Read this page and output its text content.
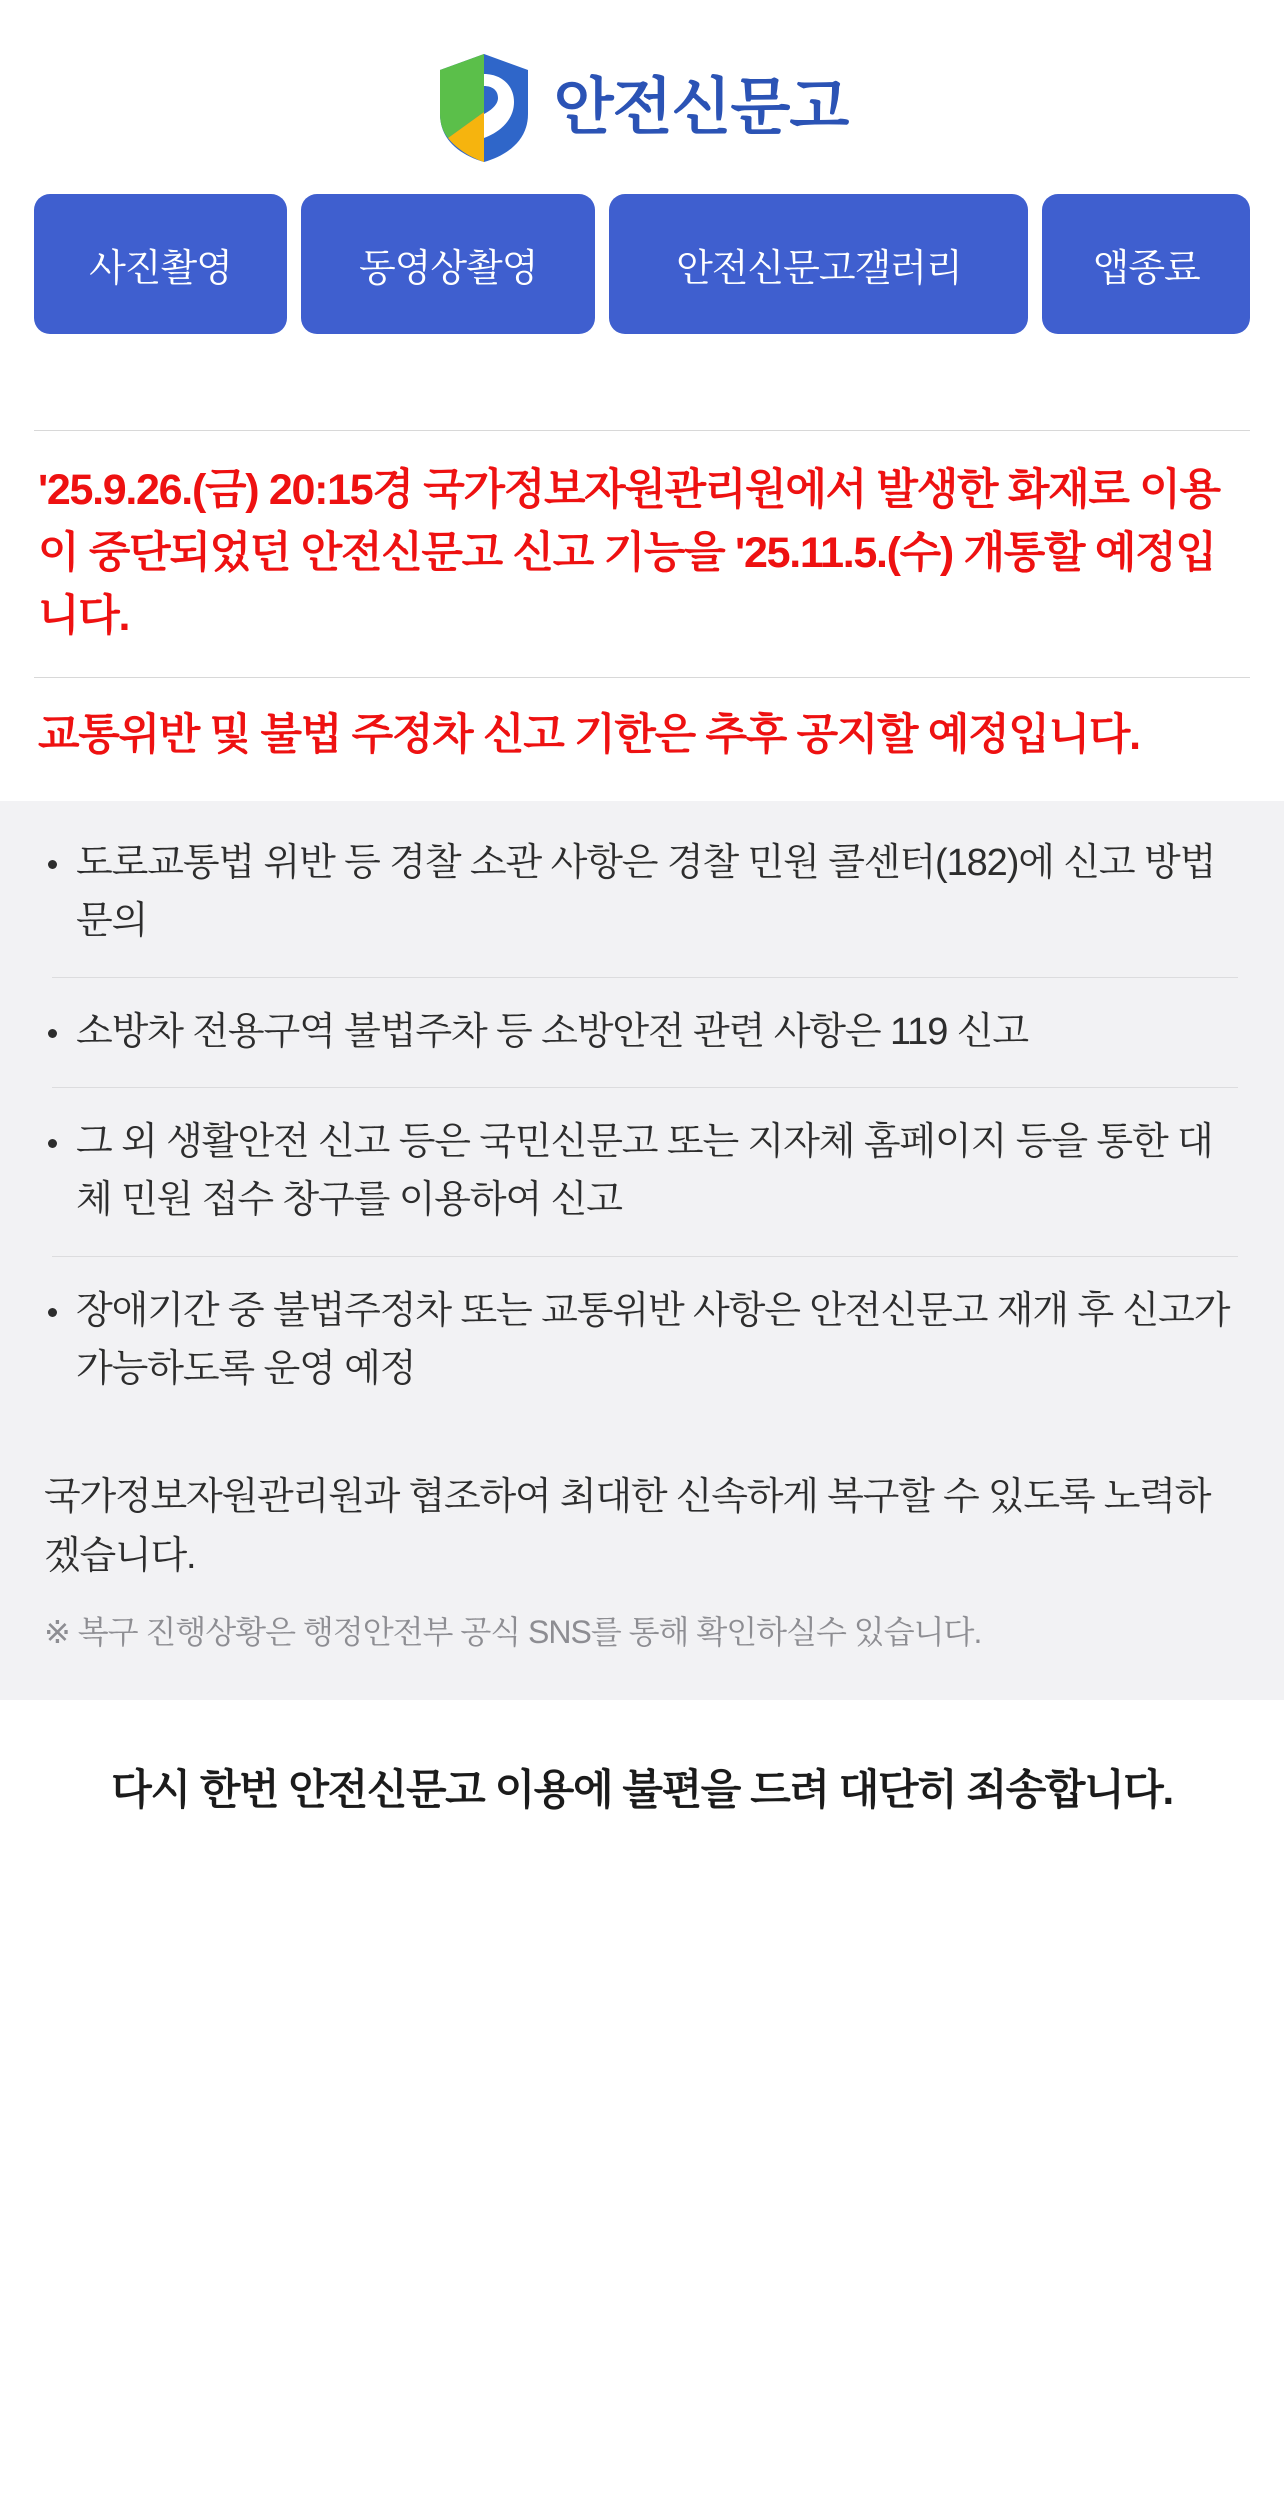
안전신문고
사진촬영	동영상촬영	안전신문고갤러리	앱종료
'25.9.26.(금) 20:15경 국가정보자원관리원에서 발생한 화재로 이용이 중단되었던 안전신문고 신고 기능을 '25.11.5.(수) 개통할 예정입니다.
교통위반 및 불법 주정차 신고 기한은 추후 공지할 예정입니다.
도로교통법 위반 등 경찰 소관 사항은 경찰 민원 콜센터(182)에 신고 방법 문의
소방차 전용구역 불법주차 등 소방안전 관련 사항은 119 신고
그 외 생활안전 신고 등은 국민신문고 또는 지자체 홈페이지 등을 통한 대체 민원 접수 창구를 이용하여 신고
장애기간 중 불법주정차 또는 교통위반 사항은 안전신문고 재개 후 신고가 가능하도록 운영 예정
국가정보자원관리원과 협조하여 최대한 신속하게 복구할 수 있도록 노력하겠습니다.
※ 복구 진행상황은 행정안전부 공식 SNS를 통해 확인하실수 있습니다.
다시 한번 안전신문고 이용에 불편을 드려 대단히 죄송합니다.
